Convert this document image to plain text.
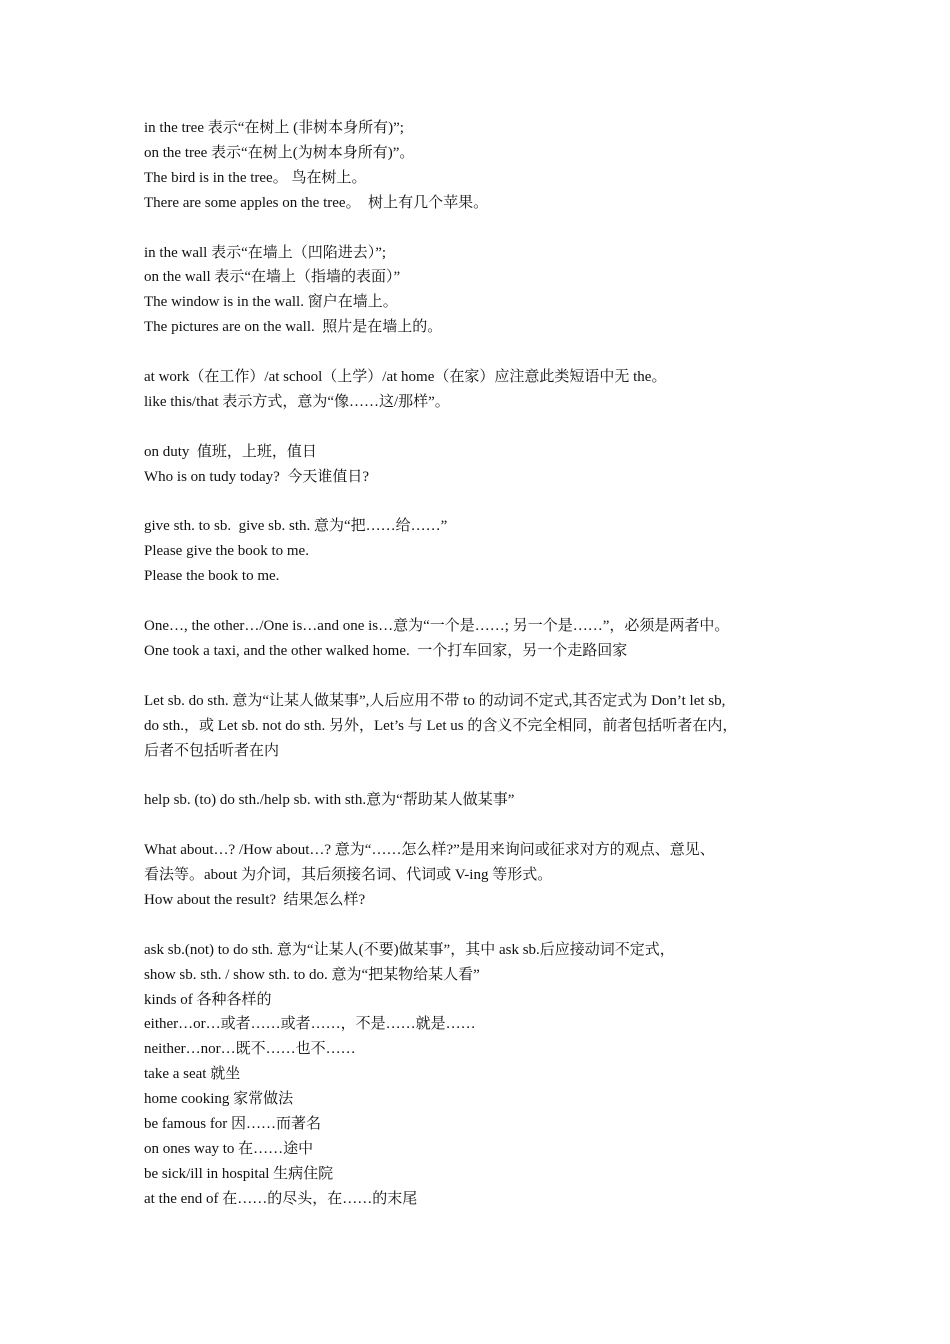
in the tree 表示“在树上 (非树本身所有)”;
on the tree 表示“在树上(为树本身所有)”。
The bird is in the tree。 鸟在树上。
There are some apples on the tree。  树上有几个苹果。
in the wall 表示“在墙上（凹陷进去）”;
on the wall 表示“在墙上（指墙的表面）”
The window is in the wall. 窗户在墙上。
The pictures are on the wall.  照片是在墙上的。
at work（在工作）/at school（上学）/at home（在家）应注意此类短语中无 the。
like this/that 表示方式，意为“像……这/那样”。
on duty  值班，上班，值日
Who is on tudy today?  今天谁值日?
give sth. to sb.  give sb. sth. 意为“把……给……”
Please give the book to me.
Please the book to me.
One…, the other…/One is…and one is…意为“一个是……; 另一个是……”，必须是两者中。
One took a taxi, and the other walked home.  一个打车回家，另一个走路回家
Let sb. do sth. 意为“让某人做某事”,人后应用不带 to 的动词不定式,其否定式为 Don’t let sb,
do sth.，或 Let sb. not do sth. 另外，Let’s 与 Let us 的含义不完全相同，前者包括听者在内，
后者不包括听者在内
help sb. (to) do sth./help sb. with sth.意为“帮助某人做某事”
What about…? /How about…? 意为“……怎么样?”是用来询问或征求对方的观点、意见、
看法等。about 为介词，其后须接名词、代词或 V-ing 等形式。
How about the result?  结果怎么样?
ask sb.(not) to do sth. 意为“让某人(不要)做某事”，其中 ask sb.后应接动词不定式，
show sb. sth. / show sth. to do. 意为“把某物给某人看”
kinds of 各种各样的
either…or…或者……或者……，不是……就是……
neither…nor…既不……也不……
take a seat 就坐
home cooking 家常做法
be famous for 因……而著名
on ones way to 在……途中
be sick/ill in hospital 生病住院
at the end of 在……的尽头，在……的末尾
